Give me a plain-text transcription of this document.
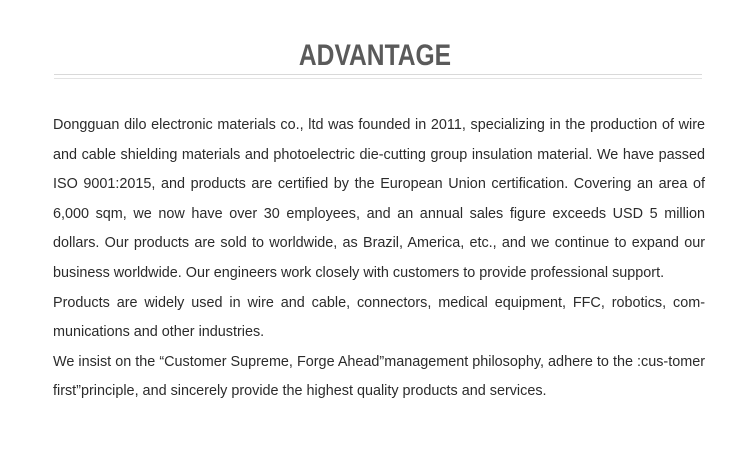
ADVANTAGE

Dongguan dilo electronic materials co., ltd was founded in 2011, specializing in the production of wire and cable shielding materials and photoelectric die-cutting group insulation material. We have passed ISO 9001:2015, and products are certified by the European Union certification. Covering an area of 6,000 sqm, we now have over 30 employees, and an annual sales figure exceeds USD 5 million dollars. Our products are sold to worldwide, as Brazil, America, etc., and we continue to expand our business worldwide. Our engineers work closely with customers to provide professional support.

Products are widely used in wire and cable, connectors, medical equipment, FFC, robotics, com-munications and other industries.

We insist on the “Customer Supreme, Forge Ahead”management philosophy, adhere to the :cus-tomer first”principle, and sincerely provide the highest quality products and services.
